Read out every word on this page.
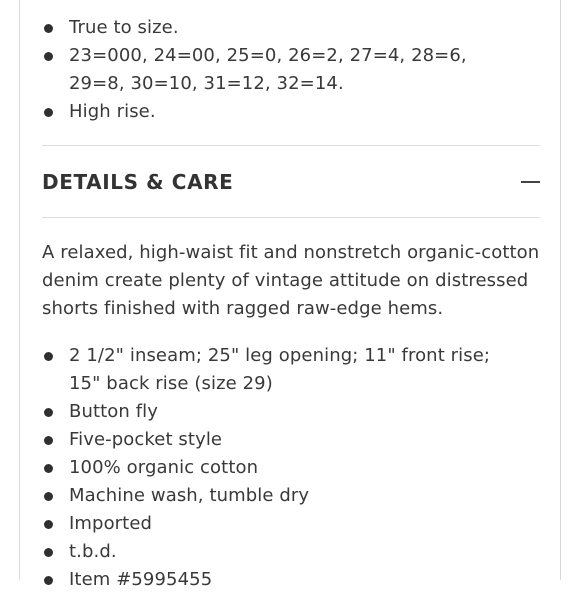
True to size.
23=000, 24=00, 25=0, 26=2, 27=4, 28=6, 29=8, 30=10, 31=12, 32=14.
High rise.
DETAILS & CARE

A relaxed, high-waist fit and nonstretch organic-cotton denim create plenty of vintage attitude on distressed shorts finished with ragged raw-edge hems.

2 1/2" inseam; 25" leg opening; 11" front rise; 15" back rise (size 29)
Button fly
Five-pocket style
100% organic cotton
Machine wash, tumble dry
Imported
t.b.d.
Item #5995455
